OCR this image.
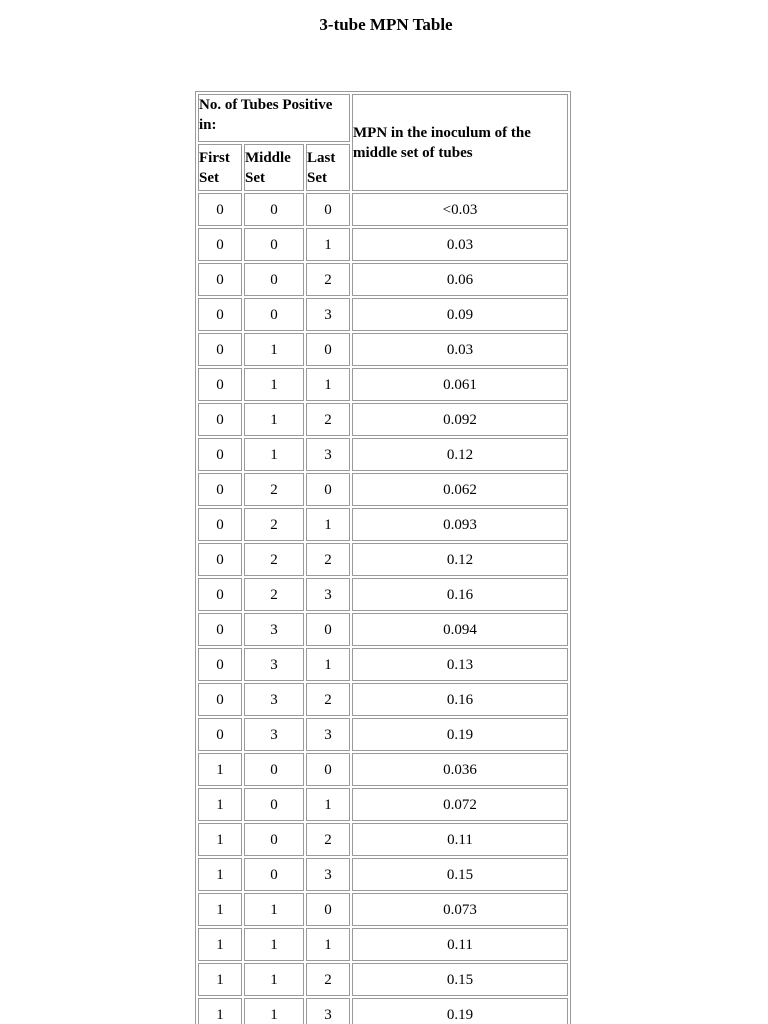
3-tube MPN Table
No. of Tubes Positive in:			MPN in the inoculum of the middle set of tubes
First Set	Middle Set	Last Set	
0	0	0	<0.03
0	0	1	0.03
0	0	2	0.06
0	0	3	0.09
0	1	0	0.03
0	1	1	0.061
0	1	2	0.092
0	1	3	0.12
0	2	0	0.062
0	2	1	0.093
0	2	2	0.12
0	2	3	0.16
0	3	0	0.094
0	3	1	0.13
0	3	2	0.16
0	3	3	0.19
1	0	0	0.036
1	0	1	0.072
1	0	2	0.11
1	0	3	0.15
1	1	0	0.073
1	1	1	0.11
1	1	2	0.15
1	1	3	0.19
